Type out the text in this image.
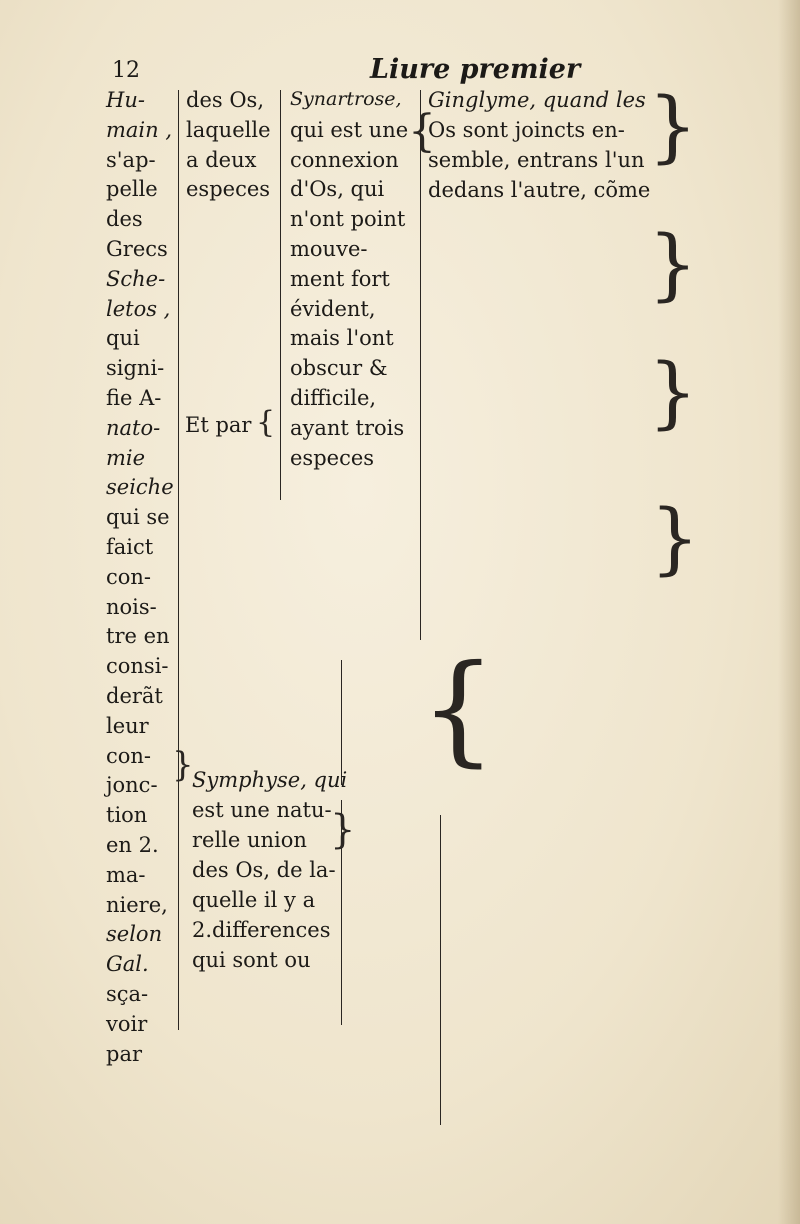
12	Liure premier
Hu-
main ,
s'ap-
pelle
des
Grecs
Sche-
letos ,
qui
signi-
fie A-
nato-
mie
seiche
qui se
faict
con-
nois-
tre en
consi-
derãt
leur
con-
jonc-
tion
en 2.
ma-
niere,
selon
Gal.
sça-
voir
par
des Os,
laquelle
a deux
especes
Et par {
}
Symphyse, qui
est une natu-
relle union
des Os, de la-
quelle il y a
2.differences
qui sont ou
Synartrose,
qui est une
connexion
d'Os, qui
n'ont point
mouve-
ment fort
évident,
mais l'ont
obscur &
difficile,
ayant trois
especes
{
Ginglyme, quand les
Os sont joincts en-
semble, entrans l'un
dedans l'autre, cõme
}
}
}
}
{
}
